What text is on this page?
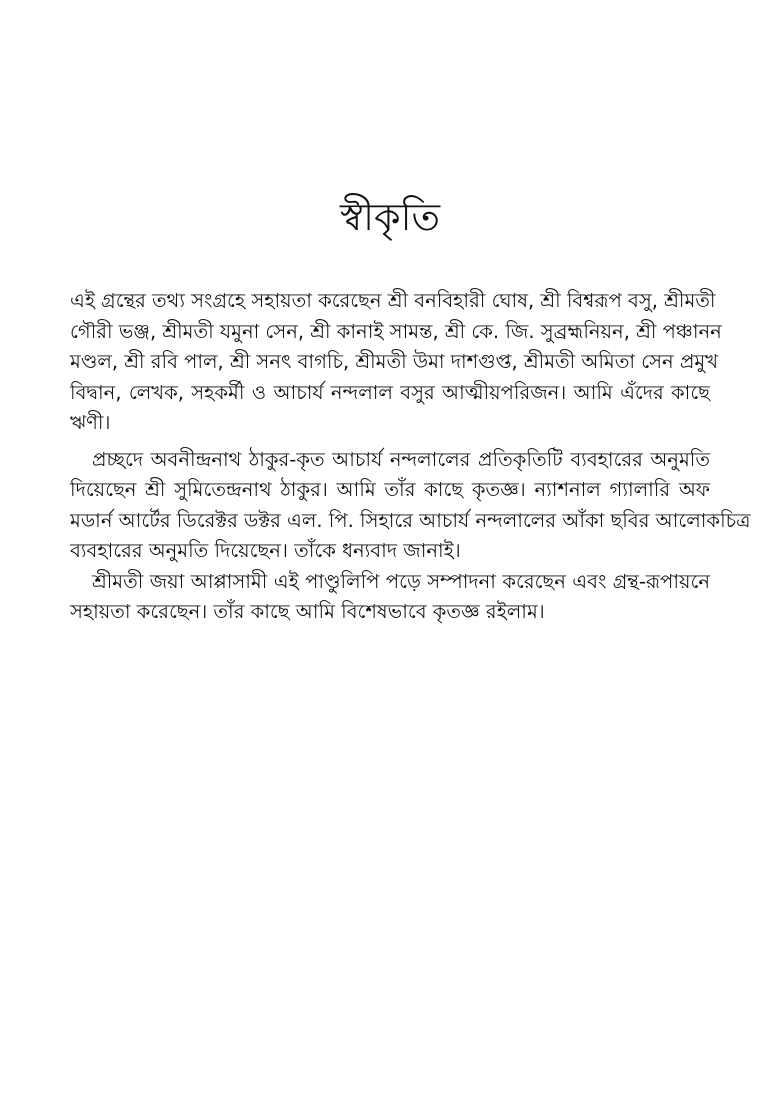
স্বীকৃতি
এই গ্রন্থের তথ্য সংগ্রহে সহায়তা করেছেন শ্রী বনবিহারী ঘোষ, শ্রী বিশ্বরূপ বসু, শ্রীমতী
গৌরী ভঞ্জ, শ্রীমতী যমুনা সেন, শ্রী কানাই সামন্ত, শ্রী কে. জি. সুব্রহ্মনিয়ন, শ্রী পঞ্চানন
মণ্ডল, শ্রী রবি পাল, শ্রী সনৎ বাগচি, শ্রীমতী উমা দাশগুপ্ত, শ্রীমতী অমিতা সেন প্রমুখ
বিদ্বান, লেখক, সহকর্মী ও আচার্য নন্দলাল বসুর আত্মীয়পরিজন। আমি এঁদের কাছে
ঋণী।
প্রচ্ছদে অবনীন্দ্রনাথ ঠাকুর-কৃত আচার্য নন্দলালের প্রতিকৃতিটি ব্যবহারের অনুমতি
দিয়েছেন শ্রী সুমিতেন্দ্রনাথ ঠাকুর। আমি তাঁর কাছে কৃতজ্ঞ। ন্যাশনাল গ্যালারি অফ
মডার্ন আর্টের ডিরেক্টর ডক্টর এল. পি. সিহারে আচার্য নন্দলালের আঁকা ছবির আলোকচিত্র
ব্যবহারের অনুমতি দিয়েছেন। তাঁকে ধন্যবাদ জানাই।
শ্রীমতী জয়া আপ্পাসামী এই পাণ্ডুলিপি পড়ে সম্পাদনা করেছেন এবং গ্রন্থ-রূপায়নে
সহায়তা করেছেন। তাঁর কাছে আমি বিশেষভাবে কৃতজ্ঞ রইলাম।
